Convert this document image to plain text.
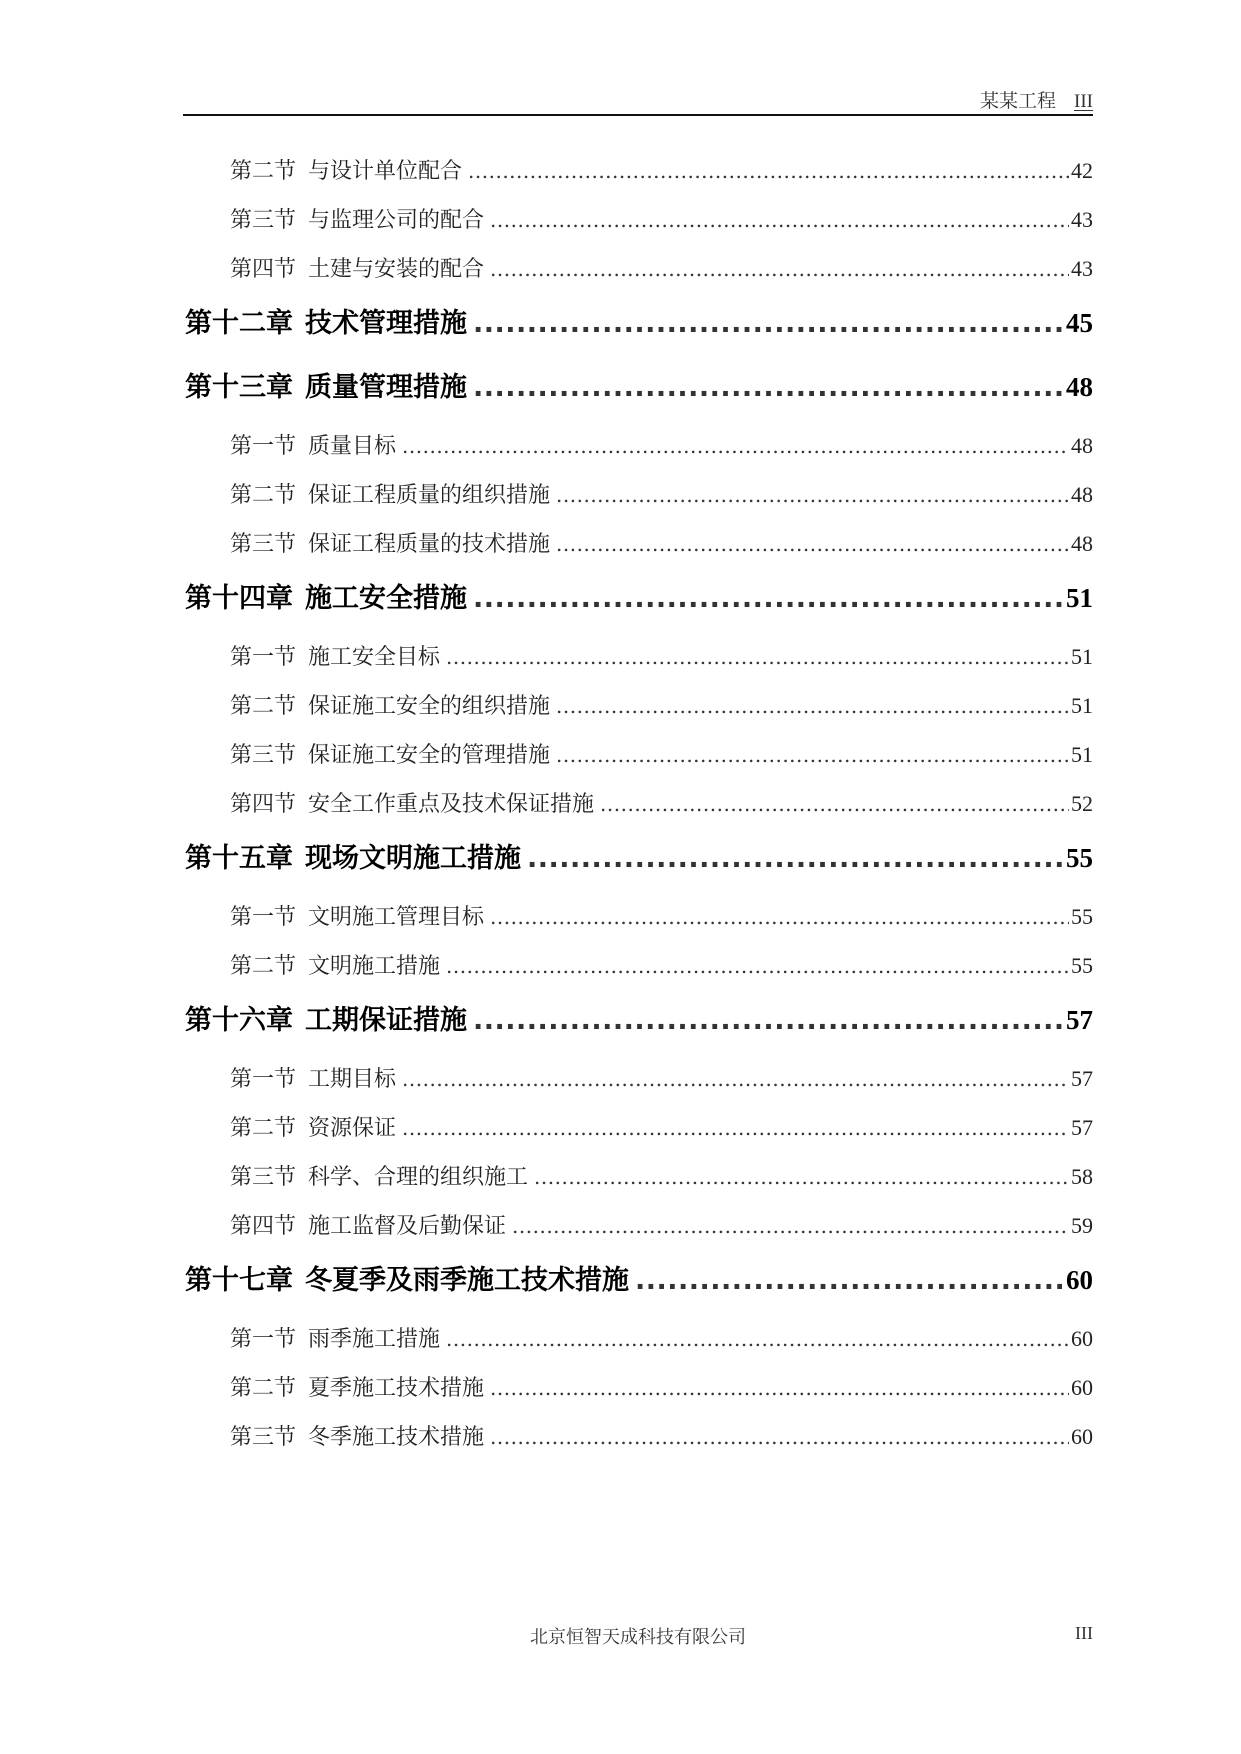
某某工程 III
第二节 与设计单位配合 .....	42
第三节 与监理公司的配合 .....	43
第四节 土建与安装的配合 .....	43
第十二章 技术管理措施 .....	45
第十三章 质量管理措施 .....	48
第一节 质量目标 .....	48
第二节 保证工程质量的组织措施 .....	48
第三节 保证工程质量的技术措施 .....	48
第十四章 施工安全措施 .....	51
第一节 施工安全目标 .....	51
第二节 保证施工安全的组织措施 .....	51
第三节 保证施工安全的管理措施 .....	51
第四节 安全工作重点及技术保证措施 .....	52
第十五章 现场文明施工措施 .....	55
第一节 文明施工管理目标 .....	55
第二节 文明施工措施 .....	55
第十六章 工期保证措施 .....	57
第一节 工期目标 .....	57
第二节 资源保证 .....	57
第三节 科学、合理的组织施工 .....	58
第四节 施工监督及后勤保证 .....	59
第十七章 冬夏季及雨季施工技术措施 .....	60
第一节 雨季施工措施 .....	60
第二节 夏季施工技术措施 .....	60
第三节 冬季施工技术措施 .....	60
北京恒智天成科技有限公司	III
